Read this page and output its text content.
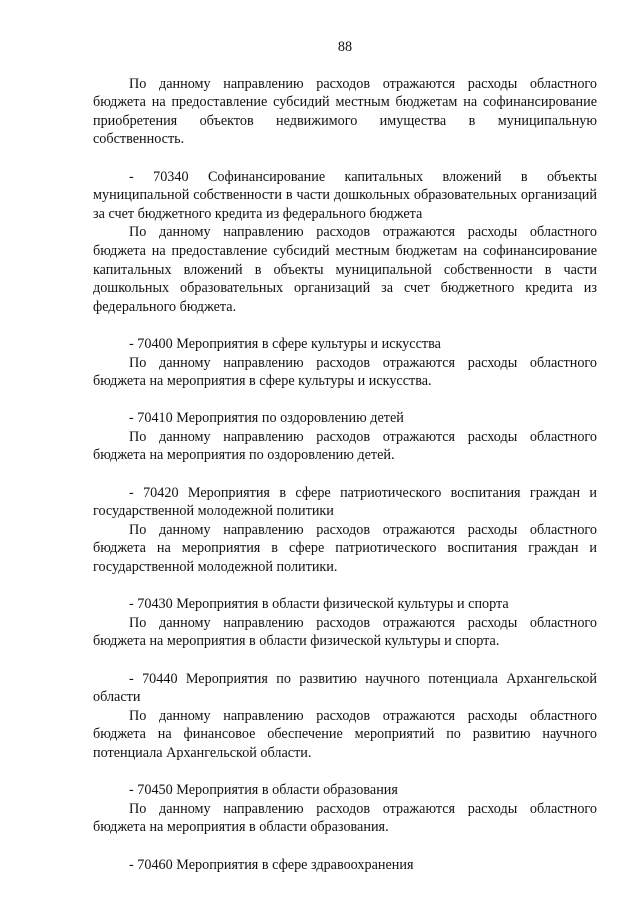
88

По данному направлению расходов отражаются расходы областного бюджета на предоставление субсидий местным бюджетам на софинансирование приобретения объектов недвижимого имущества в муниципальную собственность.

- 70340 Софинансирование капитальных вложений в объекты муниципальной собственности в части дошкольных образовательных организаций за счет бюджетного кредита из федерального бюджета

По данному направлению расходов отражаются расходы областного бюджета на предоставление субсидий местным бюджетам на софинансирование капитальных вложений в объекты муниципальной собственности в части дошкольных образовательных организаций за счет бюджетного кредита из федерального бюджета.

- 70400 Мероприятия в сфере культуры и искусства

По данному направлению расходов отражаются расходы областного бюджета на мероприятия в сфере культуры и искусства.

- 70410 Мероприятия по оздоровлению детей

По данному направлению расходов отражаются расходы областного бюджета на мероприятия по оздоровлению детей.

- 70420 Мероприятия в сфере патриотического воспитания граждан и государственной молодежной политики

По данному направлению расходов отражаются расходы областного бюджета на мероприятия в сфере патриотического воспитания граждан и государственной молодежной политики.

- 70430 Мероприятия в области физической культуры и спорта

По данному направлению расходов отражаются расходы областного бюджета на мероприятия в области физической культуры и спорта.

- 70440 Мероприятия по развитию научного потенциала Архангельской области

По данному направлению расходов отражаются расходы областного бюджета на финансовое обеспечение мероприятий по развитию научного потенциала Архангельской области.

- 70450 Мероприятия в области образования

По данному направлению расходов отражаются расходы областного бюджета на мероприятия в области образования.

- 70460 Мероприятия в сфере здравоохранения
